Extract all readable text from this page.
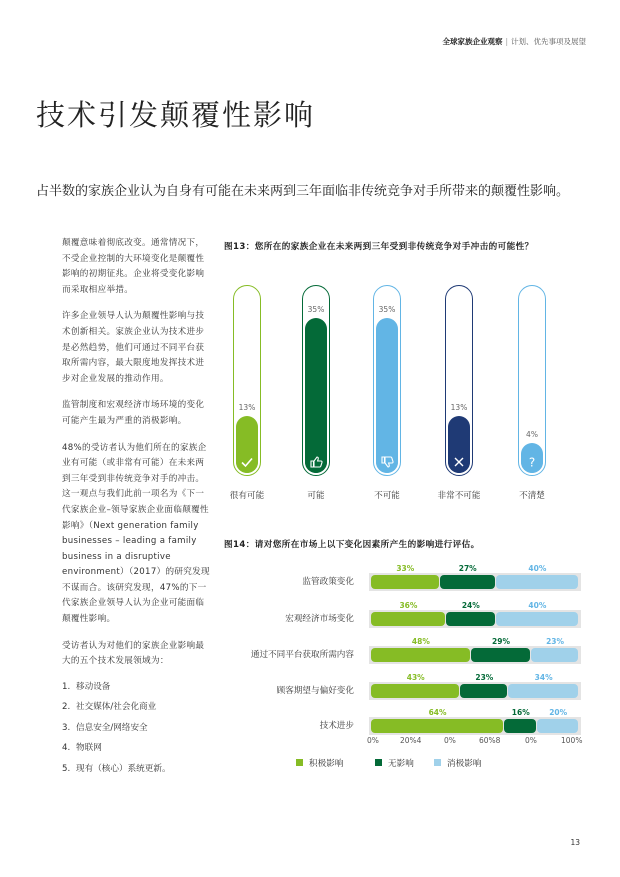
全球家族企业观察 | 计划、优先事项及展望
技术引发颠覆性影响
占半数的家族企业认为自身有可能在未来两到三年面临非传统竞争对手所带来的颠覆性影响。

颠覆意味着彻底改变。通常情况下，不受企业控制的大环境变化是颠覆性影响的初期征兆。企业将受变化影响而采取相应举措。

许多企业领导人认为颠覆性影响与技术创新相关。家族企业认为技术进步是必然趋势，他们可通过不同平台获取所需内容，最大限度地发挥技术进步对企业发展的推动作用。

监管制度和宏观经济市场环境的变化可能产生最为严重的消极影响。

48%的受访者认为他们所在的家族企业有可能（或非常有可能）在未来两到三年受到非传统竞争对手的冲击。这一观点与我们此前一项名为《下一代家族企业–领导家族企业面临颠覆性影响》（Next generation family businesses – leading a family business in a disruptive environment）（2017）的研究发现不谋而合。该研究发现，47%的下一代家族企业领导人认为企业可能面临颠覆性影响。

受访者认为对他们的家族企业影响最大的五个技术发展领域为：

1. 移动设备
2. 社交媒体/社会化商业
3. 信息安全/网络安全
4. 物联网
5. 现有（核心）系统更新。
图13：您所在的家族企业在未来两到三年受到非传统竞争对手冲击的可能性？
13%
很有可能
35%
可能
35%
不可能
13%
非常不可能
?
4%
不清楚
图14：请对您所在市场上以下变化因素所产生的影响进行评估。
监管政策变化
33%	27%	40%
宏观经济市场变化
36%	24%	40%
通过不同平台获取所需内容
48%	29%	23%
顾客期望与偏好变化
43%	23%	34%
技术进步
64%	16%	20%
0%	20%4	0%	60%8	0%	100%
积极影响	无影响	消极影响
13
